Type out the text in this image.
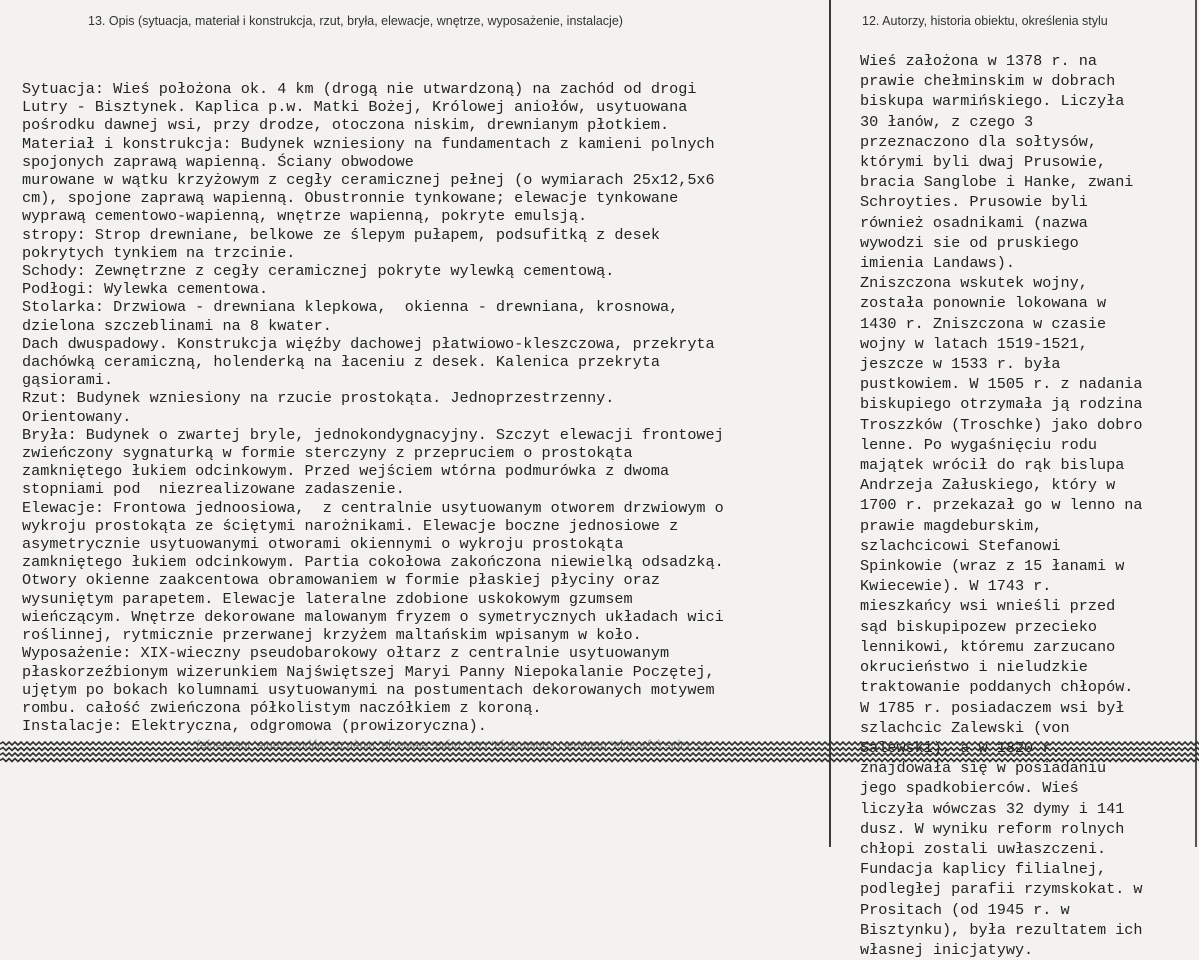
13. Opis (sytuacja, materiał i konstrukcja, rzut, bryła, elewacje, wnętrze, wyposażenie, instalacje)	12. Autorzy, historia obiektu, określenia stylu
Sytuacja: Wieś położona ok. 4 km (drogą nie utwardzoną) na zachód od drogi
Lutry - Bisztynek. Kaplica p.w. Matki Bożej, Królowej aniołów, usytuowana
pośrodku dawnej wsi, przy drodze, otoczona niskim, drewnianym płotkiem.
Materiał i konstrukcja: Budynek wzniesiony na fundamentach z kamieni polnych
spojonych zaprawą wapienną. Ściany obwodowe
murowane w wątku krzyżowym z cegły ceramicznej pełnej (o wymiarach 25x12,5x6
cm), spojone zaprawą wapienną. Obustronnie tynkowane; elewacje tynkowane
wyprawą cementowo-wapienną, wnętrze wapienną, pokryte emulsją.
stropy: Strop drewniane, belkowe ze ślepym pułapem, podsufitką z desek
pokrytych tynkiem na trzcinie.
Schody: Zewnętrzne z cegły ceramicznej pokryte wylewką cementową.
Podłogi: Wylewka cementowa.
Stolarka: Drzwiowa - drewniana klepkowa,  okienna - drewniana, krosnowa,
dzielona szczeblinami na 8 kwater.
Dach dwuspadowy. Konstrukcja więźby dachowej płatwiowo-kleszczowa, przekryta
dachówką ceramiczną, holenderką na łaceniu z desek. Kalenica przekryta
gąsiorami.
Rzut: Budynek wzniesiony na rzucie prostokąta. Jednoprzestrzenny.
Orientowany.
Bryła: Budynek o zwartej bryle, jednokondygnacyjny. Szczyt elewacji frontowej
zwieńczony sygnaturką w formie sterczyny z przepruciem o prostokąta
zamkniętego łukiem odcinkowym. Przed wejściem wtórna podmurówka z dwoma
stopniami pod  niezrealizowane zadaszenie.
Elewacje: Frontowa jednoosiowa,  z centralnie usytuowanym otworem drzwiowym o
wykroju prostokąta ze ściętymi narożnikami. Elewacje boczne jednosiowe z
asymetrycznie usytuowanymi otworami okiennymi o wykroju prostokąta
zamkniętego łukiem odcinkowym. Partia cokołowa zakończona niewielką odsadzką.
Otwory okienne zaakcentowa obramowaniem w formie płaskiej płyciny oraz
wysuniętym parapetem. Elewacje lateralne zdobione uskokowym gzumsem
wieńczącym. Wnętrze dekorowane malowanym fryzem o symetrycznych układach wici
roślinnej, rytmicznie przerwanej krzyżem maltańskim wpisanym w koło.
Wyposażenie: XIX-wieczny pseudobarokowy ołtarz z centralnie usytuowanym
płaskorzeźbionym wizerunkiem Najświętszej Maryi Panny Niepokalanie Poczętej,
ujętym po bokach kolumnami usytuowanymi na postumentach dekorowanych motywem
rombu. całość zwieńczona półkolistym naczółkiem z koroną.
Instalacje: Elektryczna, odgromowa (prowizoryczna).
Wieś założona w 1378 r. na
prawie chełminskim w dobrach
biskupa warmińskiego. Liczyła
30 łanów, z czego 3
przeznaczono dla sołtysów,
którymi byli dwaj Prusowie,
bracia Sanglobe i Hanke, zwani
Schroyties. Prusowie byli
również osadnikami (nazwa
wywodzi sie od pruskiego
imienia Landaws).
Zniszczona wskutek wojny,
została ponownie lokowana w
1430 r. Zniszczona w czasie
wojny w latach 1519-1521,
jeszcze w 1533 r. była
pustkowiem. W 1505 r. z nadania
biskupiego otrzymała ją rodzina
Troszzków (Troschke) jako dobro
lenne. Po wygaśnięciu rodu
majątek wrócił do rąk bislupa
Andrzeja Załuskiego, który w
1700 r. przekazał go w lenno na
prawie magdeburskim,
szlachcicowi Stefanowi
Spinkowie (wraz z 15 łanami w
Kwiecewie). W 1743 r.
mieszkańcy wsi wnieśli przed
sąd biskupipozew przecieko
lennikowi, któremu zarzucano
okrucieństwo i nieludzkie
traktowanie poddanych chłopów.
W 1785 r. posiadaczem wsi był
szlachcic Zalewski (von
Salewski), a w 1820 r.
znajdowała się w posiadaniu
jego spadkobierców. Wieś
liczyła wówczas 32 dymy i 141
dusz. W wyniku reform rolnych
chłopi zostali uwłaszczeni.
Fundacja kaplicy filialnej,
podległej parafii rzymskokat. w
Prositach (od 1945 r. w
Bisztynku), była rezultatem ich
własnej inicjatywy.
13. Opis (sytuacja, materiał i konstrukcja, rzut, bryła, elewacje, wnętrze, wyposażenie, instalacje)
